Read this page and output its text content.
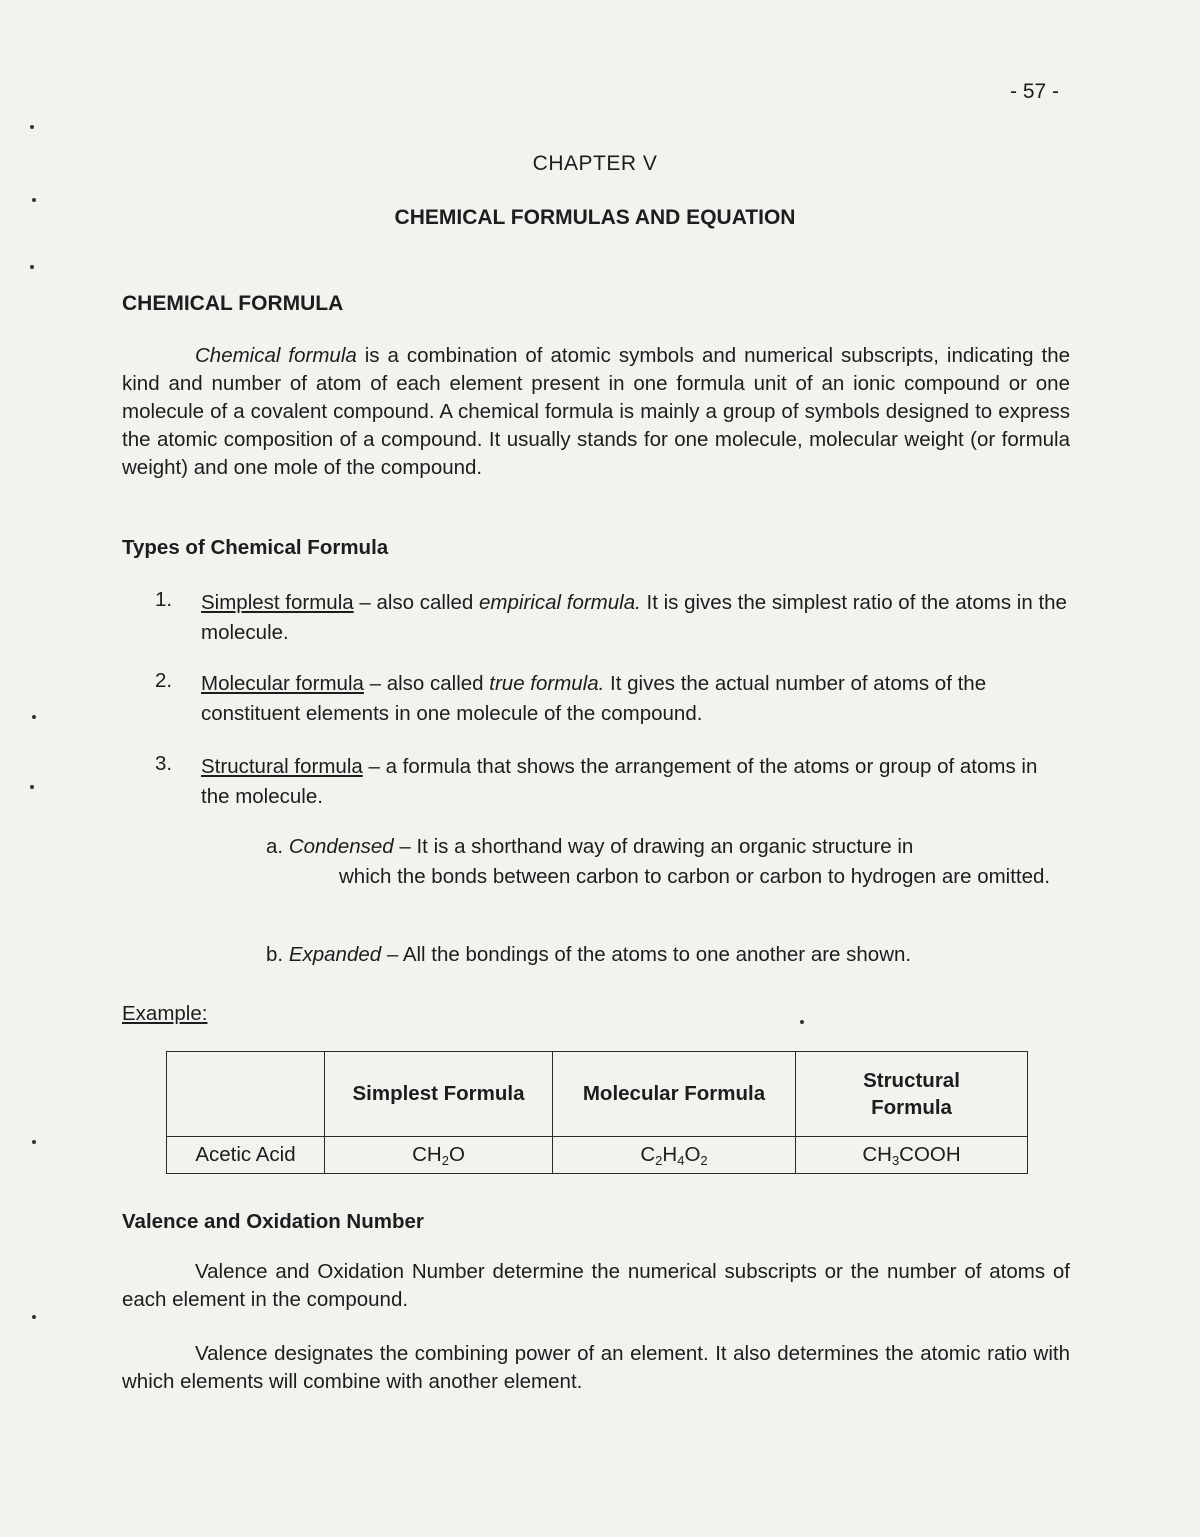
- 57 -
CHAPTER V
CHEMICAL FORMULAS AND EQUATION
CHEMICAL FORMULA
Chemical formula is a combination of atomic symbols and numerical subscripts, indicating the kind and number of atom of each element present in one formula unit of an ionic compound or one molecule of a covalent compound. A chemical formula is mainly a group of symbols designed to express the atomic composition of a compound. It usually stands for one molecule, molecular weight (or formula weight) and one mole of the compound.
Types of Chemical Formula
1. Simplest formula – also called empirical formula. It is gives the simplest ratio of the atoms in the molecule.
2. Molecular formula – also called true formula. It gives the actual number of atoms of the constituent elements in one molecule of the compound.
3. Structural formula – a formula that shows the arrangement of the atoms or group of atoms in the molecule.
a. Condensed – It is a shorthand way of drawing an organic structure in
which the bonds between carbon to carbon or carbon to hydrogen are omitted.
b. Expanded – All the bondings of the atoms to one another are shown.
Example:
	Simplest Formula	Molecular Formula	Structural Formula
Acetic Acid	$CH_2O$	$C_2H_4O_2$	$CH_3COOH$
Valence and Oxidation Number
Valence and Oxidation Number determine the numerical subscripts or the number of atoms of each element in the compound.
Valence designates the combining power of an element. It also determines the atomic ratio with which elements will combine with another element.
